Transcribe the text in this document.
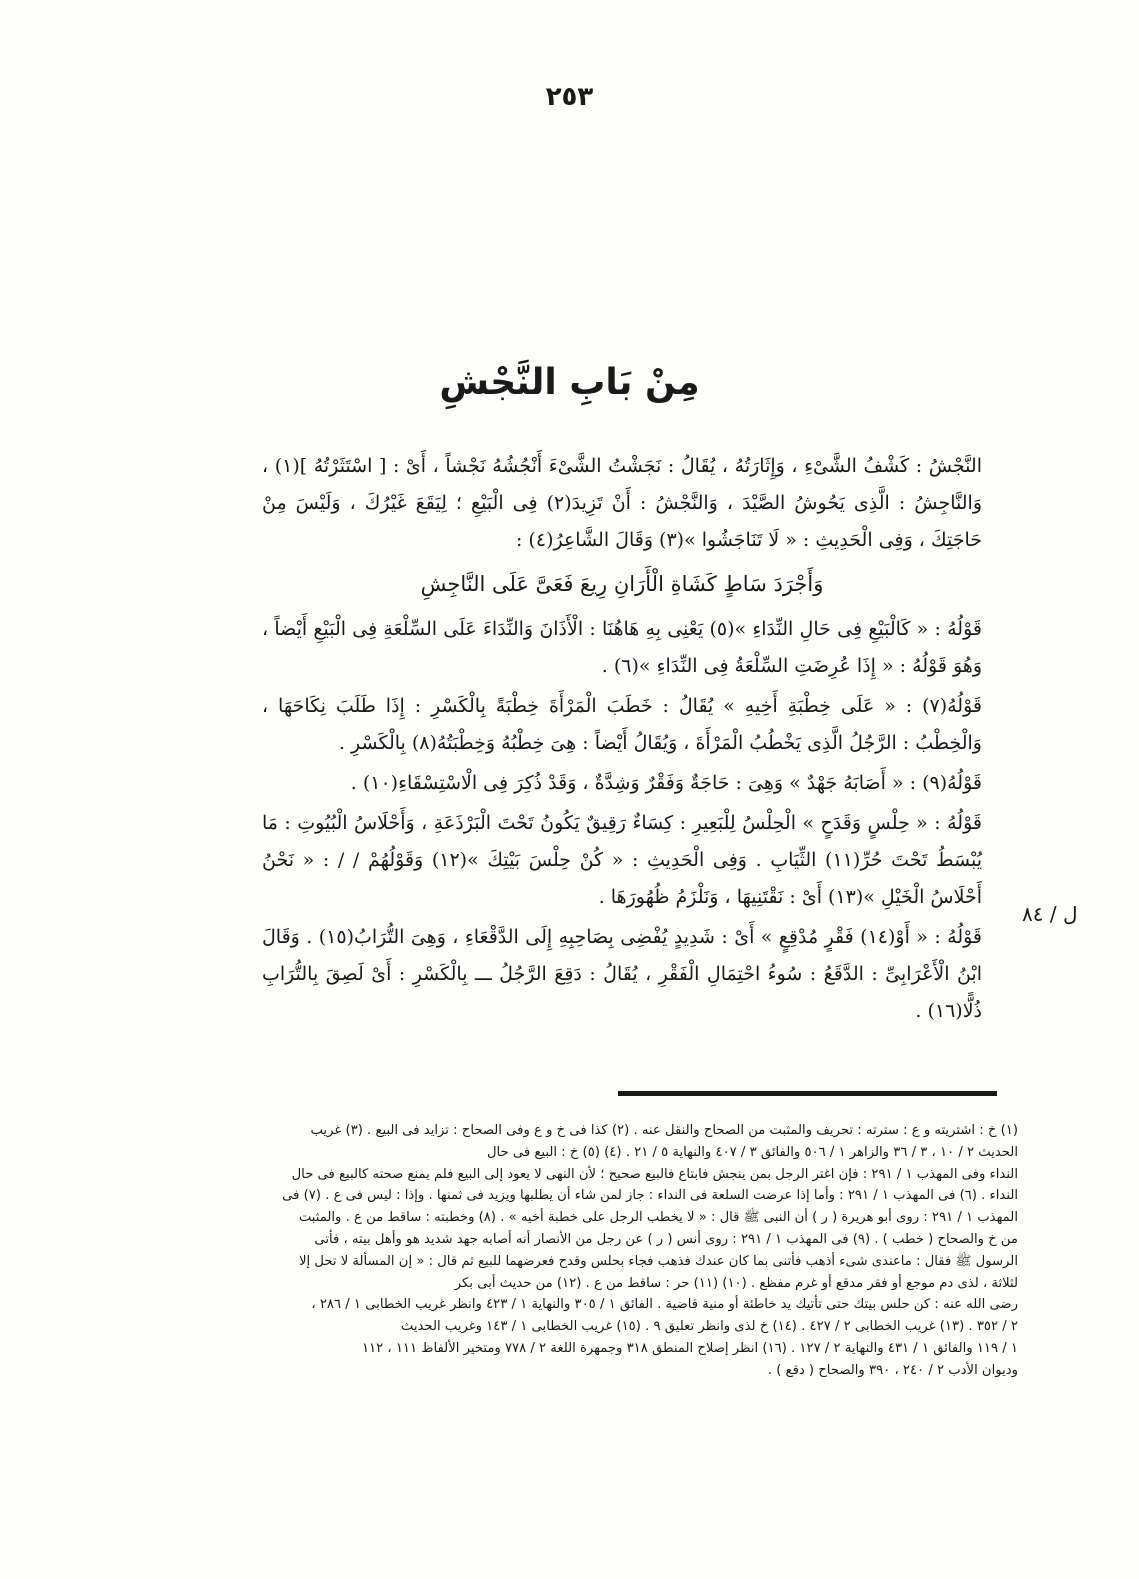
٢٥٣
مِنْ بَابِ النَّجْشِ

النَّجْشُ : كَشْفُ الشَّىْءِ ، وَإِثَارَتُهُ ، يُقَالُ : نَجَشْتُ الشَّىْءَ أَنْجُشُهُ نَجْشاً ، أَىْ : [ اسْتَثَرْتُهُ ](١) ، وَالنَّاجِشُ : الَّذِى يَحُوشُ الصَّيْدَ ، وَالنَّجْشُ : أَنْ تَزِيدَ(٢) فِى الْبَيْعِ ؛ لِيَقَعَ غَيْرُكَ ، وَلَيْسَ مِنْ حَاجَتِكَ ، وَفِى الْحَدِيثِ : « لَا تَنَاجَشُوا »(٣) وَقَالَ الشَّاعِرُ(٤) :

وَأَجْرَدَ سَاطٍ كَشَاةِ الْأَرَانِ رِيعَ فَعَىَّ عَلَى النَّاجِشِ

قَوْلُهُ : « كَالْبَيْعِ فِى حَالِ النِّدَاءِ »(٥) يَعْنِى بِهِ هَاهُنَا : الْأَذَانَ وَالنِّدَاءَ عَلَى السِّلْعَةِ فِى الْبَيْعِ أَيْضاً ، وَهُوَ قَوْلُهُ : « إِذَا عُرِضَتِ السِّلْعَةُ فِى النِّدَاءِ »(٦) .

قَوْلُهُ(٧) : « عَلَى خِطْبَةِ أَخِيهِ » يُقَالُ : خَطَبَ الْمَرْأَةَ خِطْبَةً بِالْكَسْرِ : إِذَا طَلَبَ نِكَاحَهَا ، وَالْخِطْبُ : الرَّجُلُ الَّذِى يَخْطُبُ الْمَرْأَةَ ، وَيُقَالُ أَيْضاً : هِىَ خِطْبُهُ وَخِطْبَتُهُ(٨) بِالْكَسْرِ .

قَوْلُهُ(٩) : « أَصَابَهُ جَهْدٌ » وَهِىَ : حَاجَةٌ وَفَقْرٌ وَشِدَّةٌ ، وَقَدْ ذُكِرَ فِى الْاسْتِسْقَاءِ(١٠) .

قَوْلُهُ : « حِلْسٍ وَقَدَحٍ » الْحِلْسُ لِلْبَعِيرِ : كِسَاءٌ رَقِيقٌ يَكُونُ تَحْتَ الْبَرْذَعَةِ ، وَأَحْلَاسُ الْبُيُوتِ : مَا يُبْسَطُ تَحْتَ حُرِّ(١١) الثِّيَابِ . وَفِى الْحَدِيثِ : « كُنْ حِلْسَ بَيْتِكَ »(١٢) وَقَوْلُهُمْ / / : « نَحْنُ أَحْلَاسُ الْخَيْلِ »(١٣) أَىْ : نَقْتَنِيهَا ، وَنَلْزَمُ ظُهُورَهَا .

قَوْلُهُ : « أَوْ(١٤) فَقْرٍ مُدْقِعٍ » أَىْ : شَدِيدٍ يُفْضِى بِصَاحِبِهِ إِلَى الدَّقْعَاءِ ، وَهِىَ التُّرَابُ(١٥) . وَقَالَ ابْنُ الْأَعْرَابِىِّ : الدَّقَعُ : سُوءُ احْتِمَالِ الْفَقْرِ ، يُقَالُ : دَقِعَ الرَّجُلُ ـــ بِالْكَسْرِ : أَىْ لَصِقَ بِالتُّرَابِ ذُلًّا(١٦) .

ل / ٨٤
(١) خ : اشتريته و ع : سترته : تحريف والمثبت من الصحاح والنقل عنه . (٢) كذا فى خ و ع وفى الصحاح : تزايد فى البيع . (٣) غريب
الحديث ٢ / ١٠ ، ٣ / ٣٦ والزاهر ١ / ٥٠٦ والفائق ٣ / ٤٠٧ والنهاية ٥ / ٢١ . (٤) (٥) خ : البيع فى حال
النداء وفى المهذب ١ / ٢٩١ : فإن اغتر الرجل بمن ينجش فابتاع فالبيع صحيح ؛ لأن النهى لا يعود إلى البيع فلم يمنع صحته كالبيع فى حال
النداء . (٦) فى المهذب ١ / ٢٩١ : وأما إذا عرضت السلعة فى النداء : جاز لمن شاء أن يطلبها ويزيد فى ثمنها . وإذا : ليس فى ع . (٧) فى
المهذب ١ / ٢٩١ : روى أبو هريرة ( ر ) أن النبى ﷺ قال : « لا يخطب الرجل على خطبة أخيه » . (٨) وخطبته : ساقط من ع . والمثبت
من خ والصحاح ( خطب ) . (٩) فى المهذب ١ / ٢٩١ : روى أنس ( ر ) عن رجل من الأنصار أنه أصابه جهد شديد هو وأهل بيته ، فأتى
الرسول ﷺ فقال : ماعندى شىء أذهب فأتنى بما كان عندك فذهب فجاء بحلس وقدح فعرضهما للبيع ثم قال : « إن المسألة لا تحل إلا
لثلاثة ، لذى دم موجع أو فقر مدقع أو غرم مفظع . (١٠) (١١) حر : ساقط من ع . (١٢) من حديث أبى بكر
رضى الله عنه : كن حلس بيتك حتى تأتيك يد خاطئة أو منية قاضية . الفائق ١ / ٣٠٥ والنهاية ١ / ٤٢٣ وانظر غريب الخطابى ١ / ٢٨٦ ،
٢ / ٣٥٢ . (١٣) غريب الخطابى ٢ / ٤٢٧ . (١٤) خ لذى وانظر تعليق ٩ . (١٥) غريب الخطابى ١ / ١٤٣ وغريب الحديث
١ / ١١٩ والفائق ١ / ٤٣١ والنهاية ٢ / ١٢٧ . (١٦) انظر إصلاح المنطق ٣١٨ وجمهرة اللغة ٢ / ٧٧٨ ومتخير الألفاظ ١١١ ، ١١٢
وديوان الأدب ٢ / ٢٤٠ ، ٣٩٠ والصحاح ( دقع ) .
